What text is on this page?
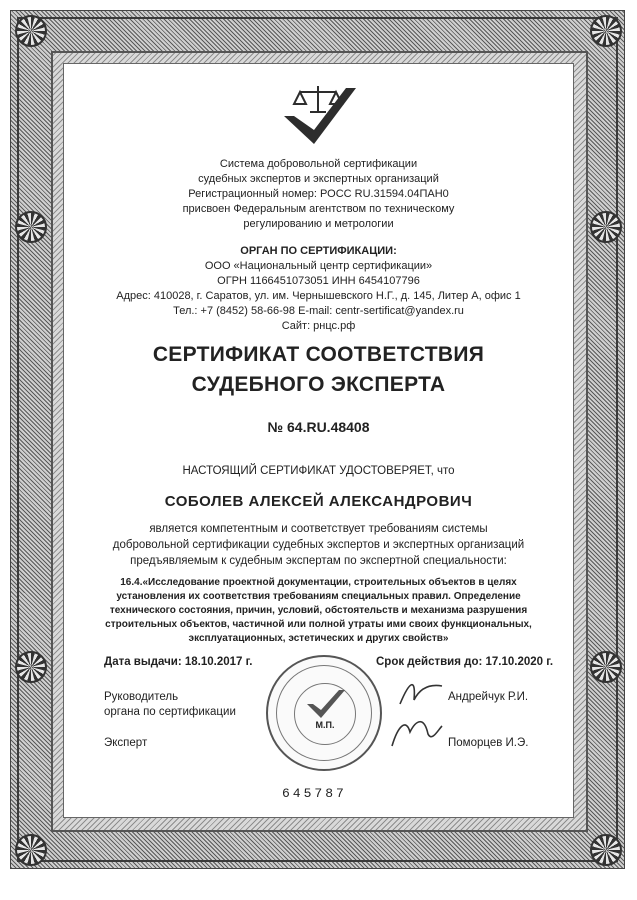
Система добровольной сертификации
судебных экспертов и экспертных организаций
Регистрационный номер: РОСС RU.31594.04ПАН0
присвоен Федеральным агентством по техническому
регулированию и метрологии
ОРГАН ПО СЕРТИФИКАЦИИ:
ООО «Национальный центр сертификации»
ОГРН 1166451073051 ИНН 6454107796
Адрес: 410028, г. Саратов, ул. им. Чернышевского Н.Г., д. 145, Литер А, офис 1
Тел.: +7 (8452) 58-66-98 E-mail: centr-sertificat@yandex.ru
Сайт: рнцс.рф
СЕРТИФИКАТ СООТВЕТСТВИЯ
СУДЕБНОГО ЭКСПЕРТА
№ 64.RU.48408
НАСТОЯЩИЙ СЕРТИФИКАТ УДОСТОВЕРЯЕТ, что
СОБОЛЕВ АЛЕКСЕЙ АЛЕКСАНДРОВИЧ
является компетентным и соответствует требованиям системы
добровольной сертификации судебных экспертов и экспертных организаций
предъявляемым к судебным экспертам по экспертной специальности:
16.4.«Исследование проектной документации, строительных объектов в целях
установления их соответствия требованиям специальных правил. Определение
технического состояния, причин, условий, обстоятельств и механизма разрушения
строительных объектов, частичной или полной утраты ими своих функциональных,
эксплуатационных, эстетических и других свойств»
Дата выдачи: 18.10.2017 г.	Срок действия до: 17.10.2020 г.
Руководитель
органа по сертификации
Андрейчук Р.И.
Эксперт	Поморцев И.Э.
М.П.
645787
